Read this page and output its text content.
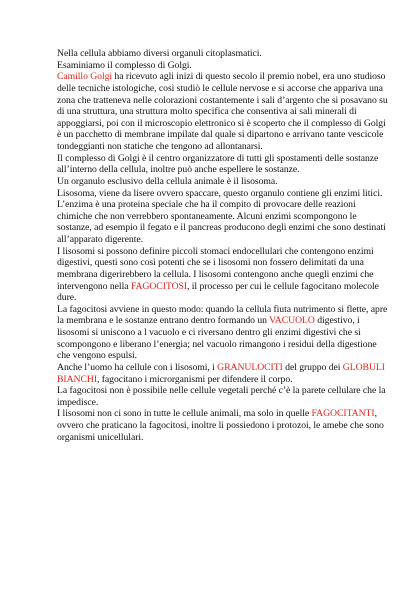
Nella cellula abbiamo diversi organuli citoplasmatici.

Esaminiamo il complesso di Golgi.

Camillo Golgi ha ricevuto agli inizi di questo secolo il premio nobel, era uno studioso delle tecniche istologiche, così studiò le cellule nervose e si accorse che appariva una zona che tratteneva nelle colorazioni costantemente i sali d’argento che si posavano su di una struttura, una struttura molto specifica che consentiva ai sali minerali di appoggiarsi, poi con il microscopio elettronico si è scoperto che il complesso di Golgi è un pacchetto di membrane impilate dal quale si dipartono e arrivano tante vescicole tondeggianti non statiche che tengono ad allontanarsi.

Il complesso di Golgi è il centro organizzatore di tutti gli spostamenti delle sostanze all’interno della cellula, inoltre può anche espellere le sostanze.

Un organulo esclusivo della cellula animale è il lisosoma.

Lisosoma, viene da lisere ovvero spaccare, questo organulo contiene gli enzimi litici. L’enzima è una proteina speciale che ha il compito di provocare delle reazioni chimiche che non verrebbero spontaneamente. Alcuni enzimi scompongono le sostanze, ad esempio il fegato e il pancreas producono degli enzimi che sono destinati all’apparato digerente.

I lisosomi si possono definire piccoli stomaci endocellulari che contengono enzimi digestivi, questi sono così potenti che se i lisosomi non fossero delimitati da una membrana digerirebbero la cellula. I lisosomi contengono anche quegli enzimi che intervengono nella FAGOCITOSI, il processo per cui le cellule fagocitano molecole dure.

La fagocitosi avviene in questo modo: quando la cellula fiuta nutrimento si flette, apre la membrana e le sostanze entrano dentro formando un VACUOLO digestivo, i lisosomi si uniscono a l vacuolo e ci riversano dentro gli enzimi digestivi che si scompongono e liberano l’energia; nel vacuolo rimangono i residui della digestione che vengono espulsi.

Anche l’uomo ha cellule con i lisosomi, i GRANULOCITI del gruppo dei GLOBULI BIANCHI, fagocitano i microrganismi per difendere il corpo.

La fagocitosi non è possibile nelle cellule vegetali perché c’è la parete cellulare che la impedisce.

I lisosomi non ci sono in tutte le cellule animali, ma solo in quelle FAGOCITANTI, ovvero che praticano la fagocitosi, inoltre li possiedono i protozoi, le amebe che sono organismi unicellulari.
